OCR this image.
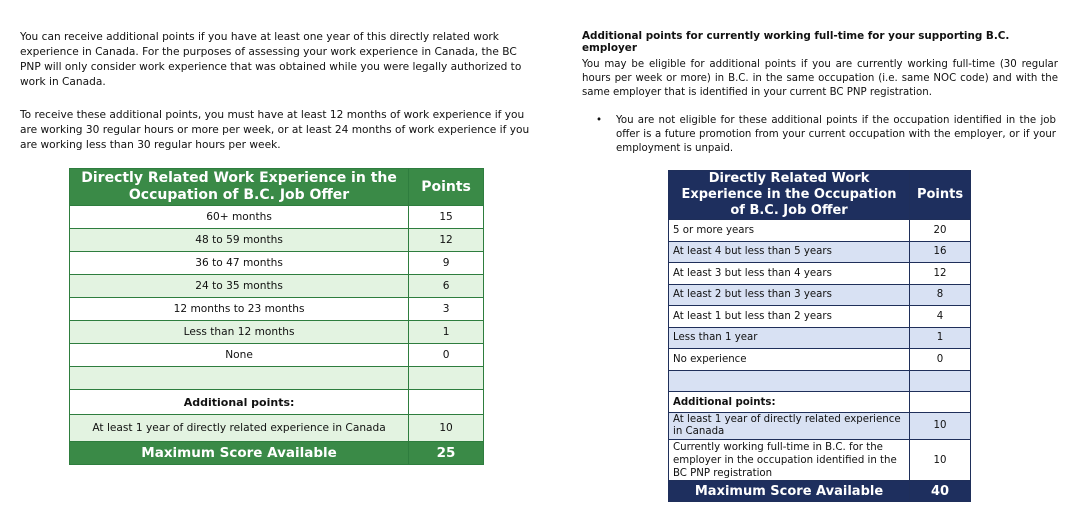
You can receive additional points if you have at least one year of this directly related work experience in Canada. For the purposes of assessing your work experience in Canada, the BC PNP will only consider work experience that was obtained while you were legally authorized to work in Canada.

To receive these additional points, you must have at least 12 months of work experience if you are working 30 regular hours or more per week, or at least 24 months of work experience if you are working less than 30 regular hours per week.

Directly Related Work Experience in the Occupation of B.C. Job Offer	Points
60+ months	15
48 to 59 months	12
36 to 47 months	9
24 to 35 months	6
12 months to 23 months	3
Less than 12 months	1
None	0

Additional points:	
At least 1 year of directly related experience in Canada	10
Maximum Score Available	25
Additional points for currently working full-time for your supporting B.C. employer

You may be eligible for additional points if you are currently working full-time (30 regular hours per week or more) in B.C. in the same occupation (i.e. same NOC code) and with the same employer that is identified in your current BC PNP registration.

• You are not eligible for these additional points if the occupation identified in the job offer is a future promotion from your current occupation with the employer, or if your employment is unpaid.
Directly Related Work Experience in the Occupation of B.C. Job Offer	Points
5 or more years	20
At least 4 but less than 5 years	16
At least 3 but less than 4 years	12
At least 2 but less than 3 years	8
At least 1 but less than 2 years	4
Less than 1 year	1
No experience	0

Additional points:	
At least 1 year of directly related experience in Canada	10
Currently working full-time in B.C. for the employer in the occupation identified in the BC PNP registration	10
Maximum Score Available	40
